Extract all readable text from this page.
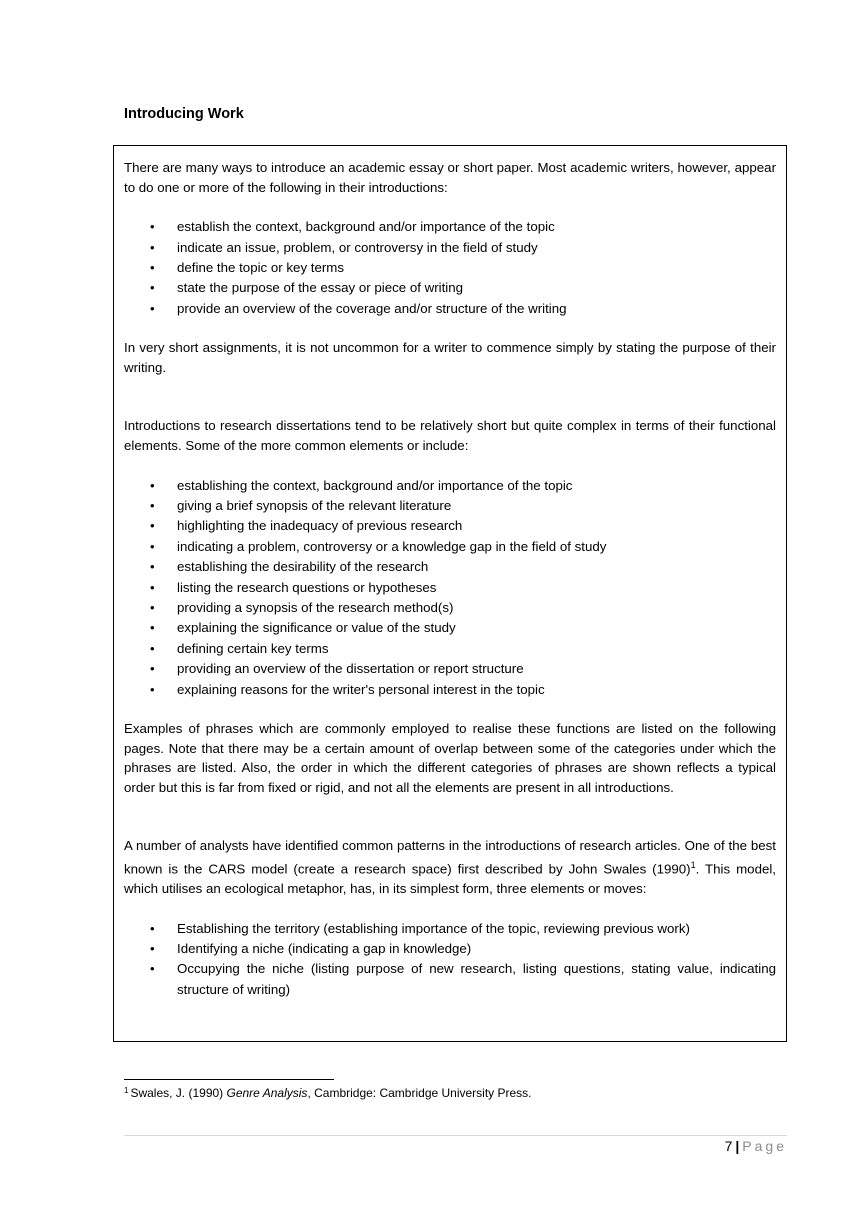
Introducing Work

There are many ways to introduce an academic essay or short paper. Most academic writers, however, appear to do one or more of the following in their introductions:

• establish the context, background and/or importance of the topic
• indicate an issue, problem, or controversy in the field of study
• define the topic or key terms
• state the purpose of the essay or piece of writing
• provide an overview of the coverage and/or structure of the writing

In very short assignments, it is not uncommon for a writer to commence simply by stating the purpose of their writing.

Introductions to research dissertations tend to be relatively short but quite complex in terms of their functional elements. Some of the more common elements or include:

• establishing the context, background and/or importance of the topic
• giving a brief synopsis of the relevant literature
• highlighting the inadequacy of previous research
• indicating a problem, controversy or a knowledge gap in the field of study
• establishing the desirability of the research
• listing the research questions or hypotheses
• providing a synopsis of the research method(s)
• explaining the significance or value of the study
• defining certain key terms
• providing an overview of the dissertation or report structure
• explaining reasons for the writer's personal interest in the topic

Examples of phrases which are commonly employed to realise these functions are listed on the following pages. Note that there may be a certain amount of overlap between some of the categories under which the phrases are listed. Also, the order in which the different categories of phrases are shown reflects a typical order but this is far from fixed or rigid, and not all the elements are present in all introductions.

A number of analysts have identified common patterns in the introductions of research articles. One of the best known is the CARS model (create a research space) first described by John Swales $(1990)^1$. This model, which utilises an ecological metaphor, has, in its simplest form, three elements or moves:

• Establishing the territory (establishing importance of the topic, reviewing previous work)
• Identifying a niche (indicating a gap in knowledge)
• Occupying the niche (listing purpose of new research, listing questions, stating value, indicating structure of writing)

$^1$ Swales, J. (1990) Genre Analysis, Cambridge: Cambridge University Press.

7 | Page
